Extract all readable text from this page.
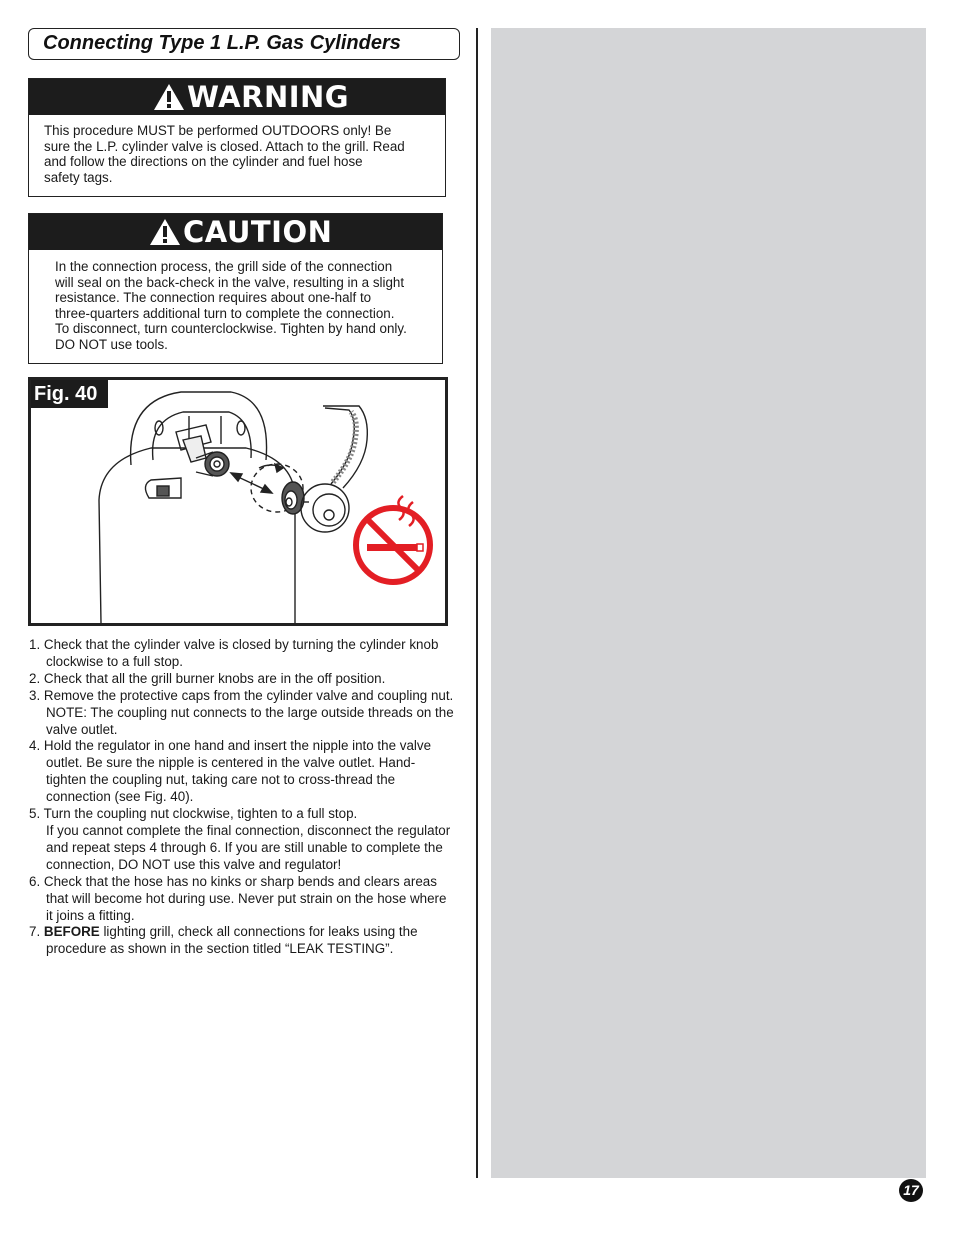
Connecting Type 1 L.P. Gas Cylinders
WARNING
This procedure MUST be performed OUTDOORS only! Be
sure the L.P. cylinder valve is closed. Attach to the grill. Read
and follow the directions on the cylinder and fuel hose
safety tags.
CAUTION
In the connection process, the grill side of the connection
will seal on the back-check in the valve, resulting in a slight
resistance. The connection requires about one-half to
three-quarters additional turn to complete the connection.
To disconnect, turn counterclockwise. Tighten by hand only.
DO NOT use tools.
Fig. 40
1. Check that the cylinder valve is closed by turning the cylinder knob clockwise to a full stop.
2. Check that all the grill burner knobs are in the off position.
3. Remove the protective caps from the cylinder valve and coupling nut. NOTE: The coupling nut connects to the large outside threads on the valve outlet.
4. Hold the regulator in one hand and insert the nipple into the valve outlet. Be sure the nipple is centered in the valve outlet. Hand-tighten the coupling nut, taking care not to cross-thread the connection (see Fig. 40).
5. Turn the coupling nut clockwise, tighten to a full stop.
If you cannot complete the final connection, disconnect the regulator and repeat steps 4 through 6. If you are still unable to complete the connection, DO NOT use this valve and regulator!
6. Check that the hose has no kinks or sharp bends and clears areas that will become hot during use. Never put strain on the hose where it joins a fitting.
7. BEFORE lighting grill, check all connections for leaks using the procedure as shown in the section titled “LEAK TESTING”.
17
